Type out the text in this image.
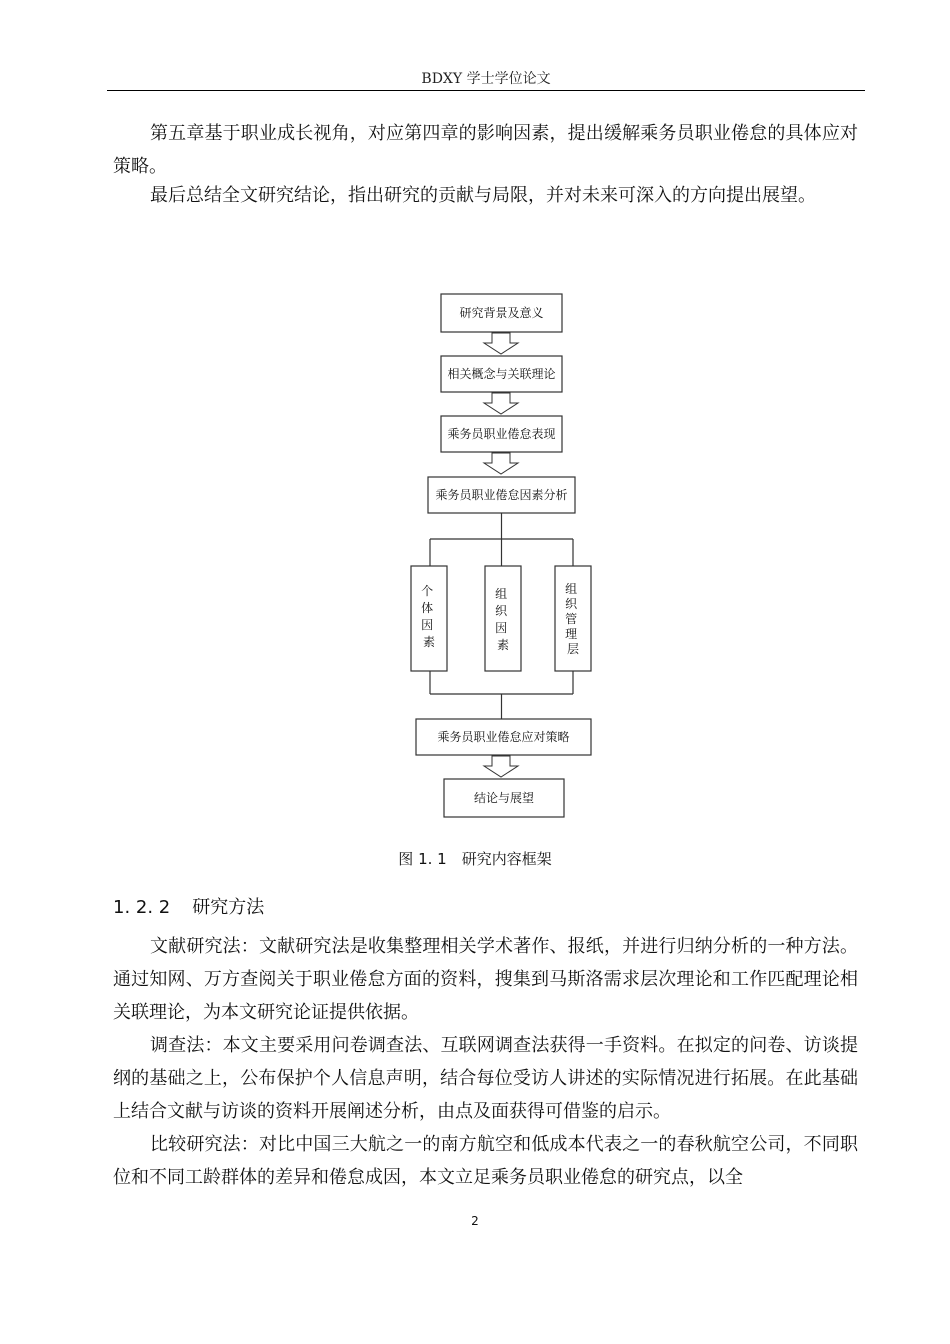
BDXY 学士学位论文

第五章基于职业成长视角，对应第四章的影响因素，提出缓解乘务员职业倦怠的具体应对策略。

最后总结全文研究结论，指出研究的贡献与局限，并对未来可深入的方向提出展望。

研究背景及意义
相关概念与关联理论
乘务员职业倦怠表现
乘务员职业倦怠因素分析
个 体 因 素
组 织 因 素
组 织 管 理 层
乘务员职业倦怠应对策略
结论与展望
图 1. 1　研究内容框架
1. 2. 2 研究方法

文献研究法：文献研究法是收集整理相关学术著作、报纸，并进行归纳分析的一种方法。通过知网、万方查阅关于职业倦怠方面的资料，搜集到马斯洛需求层次理论和工作匹配理论相关联理论，为本文研究论证提供依据。

调查法：本文主要采用问卷调查法、互联网调查法获得一手资料。在拟定的问卷、访谈提纲的基础之上，公布保护个人信息声明，结合每位受访人讲述的实际情况进行拓展。在此基础上结合文献与访谈的资料开展阐述分析，由点及面获得可借鉴的启示。

比较研究法：对比中国三大航之一的南方航空和低成本代表之一的春秋航空公司，不同职位和不同工龄群体的差异和倦怠成因，本文立足乘务员职业倦怠的研究点，以全

2
